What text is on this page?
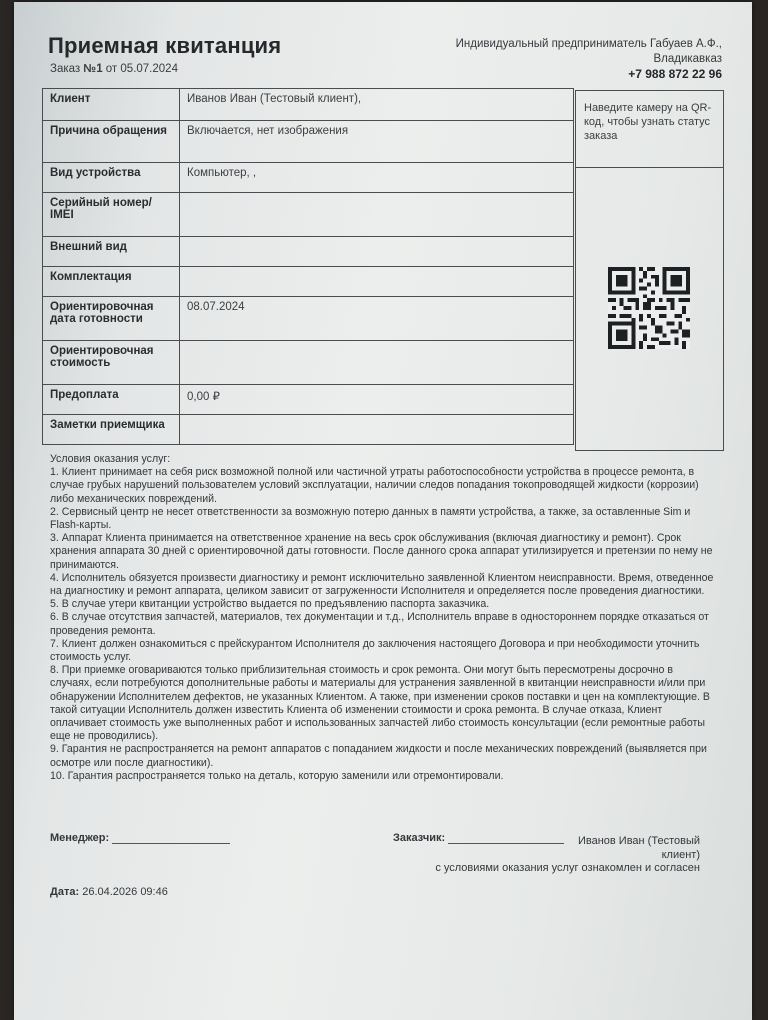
Приемная квитанция
Заказ №1 от 05.07.2024
Индивидуальный предприниматель Габуаев А.Ф.,
Владикавказ
+7 988 872 22 96
Клиент	Иванов Иван (Тестовый клиент),
Причина обращения	Включается, нет изображения
Вид устройства	Компьютер, ,
Серийный номер/ IMEI	
Внешний вид	
Комплектация	
Ориентировочная дата готовности	08.07.2024
Ориентировочная стоимость	
Предоплата	0,00 ₽
Заметки приемщика	
Наведите камеру на QR-код, чтобы узнать статус заказа

Условия оказания услуг:

1. Клиент принимает на себя риск возможной полной или частичной утраты работоспособности устройства в процессе ремонта, в случае грубых нарушений пользователем условий эксплуатации, наличии следов попадания токопроводящей жидкости (коррозии) либо механических повреждений.

2. Сервисный центр не несет ответственности за возможную потерю данных в памяти устройства, а также, за оставленные Sim и Flash-карты.

3. Аппарат Клиента принимается на ответственное хранение на весь срок обслуживания (включая диагностику и ремонт). Срок хранения аппарата 30 дней с ориентировочной даты готовности. После данного срока аппарат утилизируется и претензии по нему не принимаются.

4. Исполнитель обязуется произвести диагностику и ремонт исключительно заявленной Клиентом неисправности. Время, отведенное на диагностику и ремонт аппарата, целиком зависит от загруженности Исполнителя и определяется после проведения диагностики.

5. В случае утери квитанции устройство выдается по предъявлению паспорта заказчика.

6. В случае отсутствия запчастей, материалов, тех документации и т.д., Исполнитель вправе в одностороннем порядке отказаться от проведения ремонта.

7. Клиент должен ознакомиться с прейскурантом Исполнителя до заключения настоящего Договора и при необходимости уточнить стоимость услуг.

8. При приемке оговариваются только приблизительная стоимость и срок ремонта. Они могут быть пересмотрены досрочно в случаях, если потребуются дополнительные работы и материалы для устранения заявленной в квитанции неисправности и/или при обнаружении Исполнителем дефектов, не указанных Клиентом. А также, при изменении сроков поставки и цен на комплектующие. В такой ситуации Исполнитель должен известить Клиента об изменении стоимости и срока ремонта. В случае отказа, Клиент оплачивает стоимость уже выполненных работ и использованных запчастей либо стоимость консультации (если ремонтные работы еще не проводились).

9. Гарантия не распространяется на ремонт аппаратов с попаданием жидкости и после механических повреждений (выявляется при осмотре или после диагностики).

10. Гарантия распространяется только на деталь, которую заменили или отремонтировали.

Менеджер:	Заказчик:	Иванов Иван (Тестовый клиент)
с условиями оказания услуг ознакомлен и согласен
Дата: 26.04.2026 09:46
